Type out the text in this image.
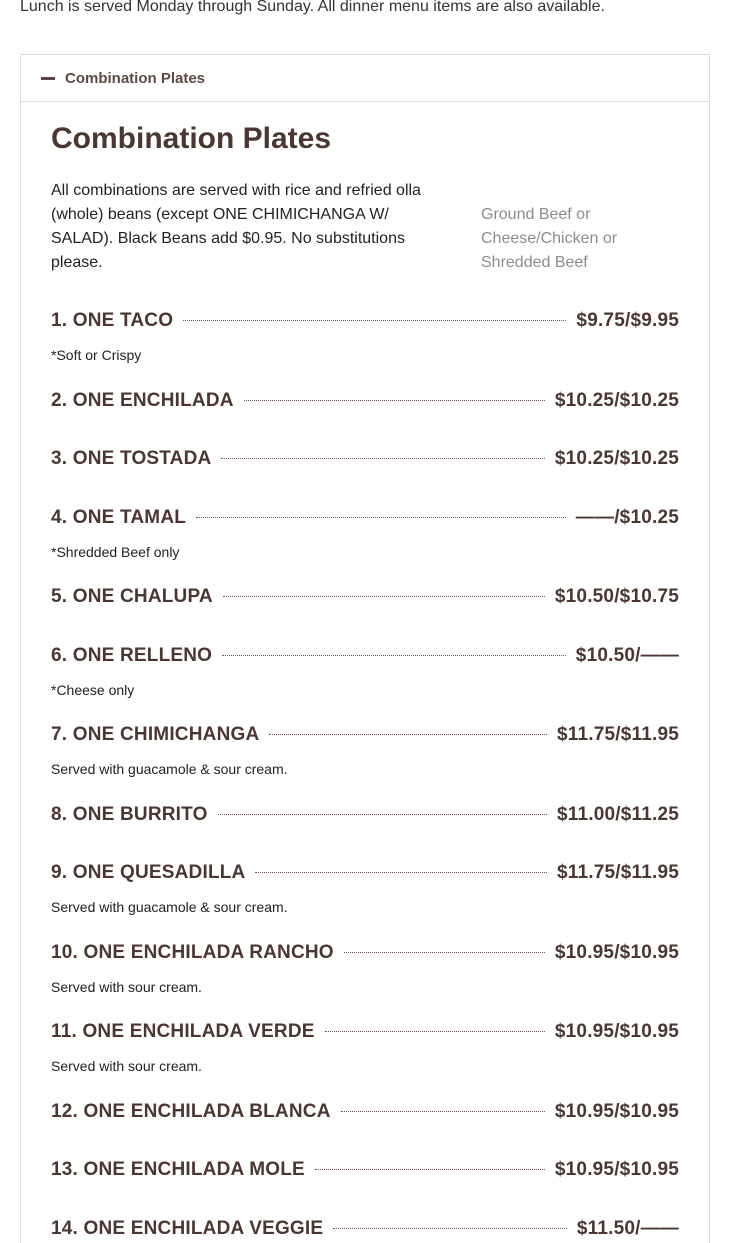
Lunch is served Monday through Sunday. All dinner menu items are also available.
Combination Plates
Combination Plates
All combinations are served with rice and refried olla (whole) beans (except ONE CHIMICHANGA W/ SALAD). Black Beans add $0.95. No substitutions please.
Ground Beef or Cheese/Chicken or Shredded Beef
1. ONE TACO	$9.75/$9.95
*Soft or Crispy
2. ONE ENCHILADA	$10.25/$10.25
3. ONE TOSTADA	$10.25/$10.25
4. ONE TAMAL	——/$10.25
*Shredded Beef only
5. ONE CHALUPA	$10.50/$10.75
6. ONE RELLENO	$10.50/——
*Cheese only
7. ONE CHIMICHANGA	$11.75/$11.95
Served with guacamole & sour cream.
8. ONE BURRITO	$11.00/$11.25
9. ONE QUESADILLA	$11.75/$11.95
Served with guacamole & sour cream.
10. ONE ENCHILADA RANCHO	$10.95/$10.95
Served with sour cream.
11. ONE ENCHILADA VERDE	$10.95/$10.95
Served with sour cream.
12. ONE ENCHILADA BLANCA	$10.95/$10.95
13. ONE ENCHILADA MOLE	$10.95/$10.95
14. ONE ENCHILADA VEGGIE	$11.50/——
